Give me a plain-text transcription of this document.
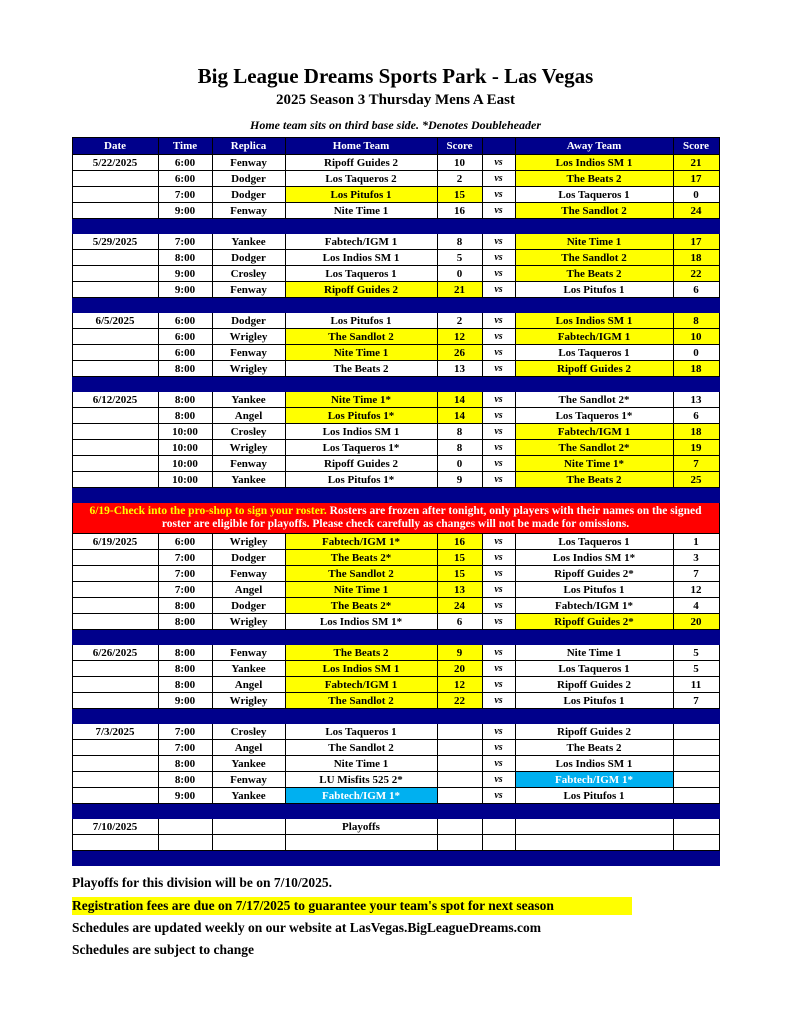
Big League Dreams Sports Park - Las Vegas
2025 Season 3 Thursday Mens A East
Home team sits on third base side. *Denotes Doubleheader
Date	Time	Replica	Home Team	Score		Away Team	Score
5/22/2025	6:00	Fenway	Ripoff Guides 2	10	vs	Los Indios SM 1	21
	6:00	Dodger	Los Taqueros 2	2	vs	The Beats 2	17
	7:00	Dodger	Los Pitufos 1	15	vs	Los Taqueros 1	0
	9:00	Fenway	Nite Time 1	16	vs	The Sandlot 2	24

5/29/2025	7:00	Yankee	Fabtech/IGM 1	8	vs	Nite Time 1	17
	8:00	Dodger	Los Indios SM 1	5	vs	The Sandlot 2	18
	9:00	Crosley	Los Taqueros 1	0	vs	The Beats 2	22
	9:00	Fenway	Ripoff Guides 2	21	vs	Los Pitufos 1	6

6/5/2025	6:00	Dodger	Los Pitufos 1	2	vs	Los Indios SM 1	8
	6:00	Wrigley	The Sandlot 2	12	vs	Fabtech/IGM 1	10
	6:00	Fenway	Nite Time 1	26	vs	Los Taqueros 1	0
	8:00	Wrigley	The Beats 2	13	vs	Ripoff Guides 2	18

6/12/2025	8:00	Yankee	Nite Time 1*	14	vs	The Sandlot 2*	13
	8:00	Angel	Los Pitufos 1*	14	vs	Los Taqueros 1*	6
	10:00	Crosley	Los Indios SM 1	8	vs	Fabtech/IGM 1	18
	10:00	Wrigley	Los Taqueros 1*	8	vs	The Sandlot 2*	19
	10:00	Fenway	Ripoff Guides 2	0	vs	Nite Time 1*	7
	10:00	Yankee	Los Pitufos 1*	9	vs	The Beats 2	25

6/19-Check into the pro-shop to sign your roster. Rosters are frozen after tonight, only players with their names on the signed roster are eligible for playoffs. Please check carefully as changes will not be made for omissions.							
6/19/2025	6:00	Wrigley	Fabtech/IGM 1*	16	vs	Los Taqueros 1	1
	7:00	Dodger	The Beats 2*	15	vs	Los Indios SM 1*	3
	7:00	Fenway	The Sandlot 2	15	vs	Ripoff Guides 2*	7
	7:00	Angel	Nite Time 1	13	vs	Los Pitufos 1	12
	8:00	Dodger	The Beats 2*	24	vs	Fabtech/IGM 1*	4
	8:00	Wrigley	Los Indios SM 1*	6	vs	Ripoff Guides 2*	20

6/26/2025	8:00	Fenway	The Beats 2	9	vs	Nite Time 1	5
	8:00	Yankee	Los Indios SM 1	20	vs	Los Taqueros 1	5
	8:00	Angel	Fabtech/IGM 1	12	vs	Ripoff Guides 2	11
	9:00	Wrigley	The Sandlot 2	22	vs	Los Pitufos 1	7

7/3/2025	7:00	Crosley	Los Taqueros 1		vs	Ripoff Guides 2	
	7:00	Angel	The Sandlot 2		vs	The Beats 2	
	8:00	Yankee	Nite Time 1		vs	Los Indios SM 1	
	8:00	Fenway	LU Misfits 525 2*		vs	Fabtech/IGM 1*	
	9:00	Yankee	Fabtech/IGM 1*		vs	Los Pitufos 1	

7/10/2025			Playoffs				

Playoffs for this division will be on 7/10/2025.
Registration fees are due on 7/17/2025 to guarantee your team's spot for next season
Schedules are updated weekly on our website at LasVegas.BigLeagueDreams.com
Schedules are subject to change
